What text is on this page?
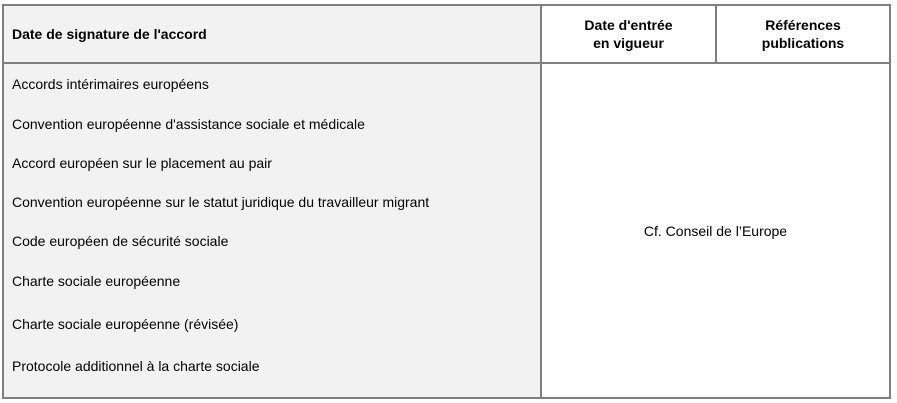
Date de signature de l'accord
Date d'entrée
en vigueur
Références
publications
Accords intérimaires européens
Convention européenne d'assistance sociale et médicale
Accord européen sur le placement au pair
Convention européenne sur le statut juridique du travailleur migrant
Code européen de sécurité sociale
Charte sociale européenne
Charte sociale européenne (révisée)
Protocole additionnel à la charte sociale
Cf. Conseil de l’Europe
